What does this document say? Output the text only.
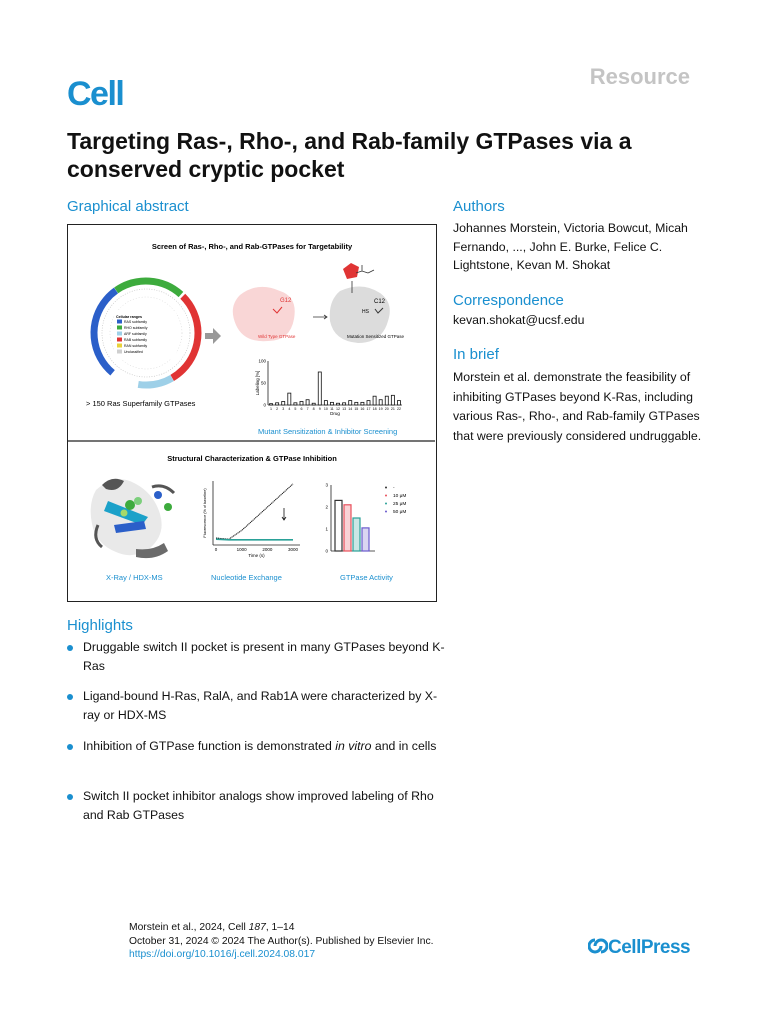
Cell	Resource
Targeting Ras-, Rho-, and Rab-family GTPases via a conserved cryptic pocket
Graphical abstract
Screen of Ras-, Rho-, and Rab-GTPases for Targetability
Cellular ranges
RAS subfamily
RHO subfamily
ARF subfamily
RAB subfamily
RAN subfamily
Unclassified
> 150 Ras Superfamily GTPases
G12
Wild Type GTPase
C12
HS
Mutation Sensitized GTPase
0
50
100
1 2 3 4 5 6 7 8 9 10 11 12 13 14 15 16 17 18 19 20 21 22
Drug
Labeling [%]
Mutant Sensitization & Inhibitor Screening
Structural Characterization & GTPase Inhibition
X-Ray / HDX-MS
0	1000	2000	3000
Time (s)
Fluorescence (% of baseline)
Nucleotide Exchange
0
1
2
3
-
10 μM
25 μM
50 μM
GTPase Activity
Authors
Johannes Morstein, Victoria Bowcut, Micah Fernando, ..., John E. Burke, Felice C. Lightstone, Kevan M. Shokat
Correspondence
kevan.shokat@ucsf.edu
In brief
Morstein et al. demonstrate the feasibility of inhibiting GTPases beyond K-Ras, including various Ras-, Rho-, and Rab-family GTPases that were previously considered undruggable.
Highlights
Druggable switch II pocket is present in many GTPases beyond K-Ras
Ligand-bound H-Ras, RalA, and Rab1A were characterized by X-ray or HDX-MS
Inhibition of GTPase function is demonstrated in vitro and in cells
Switch II pocket inhibitor analogs show improved labeling of Rho and Rab GTPases
Morstein et al., 2024, Cell 187, 1–14
October 31, 2024 © 2024 The Author(s). Published by Elsevier Inc.
https://doi.org/10.1016/j.cell.2024.08.017	CellPress
